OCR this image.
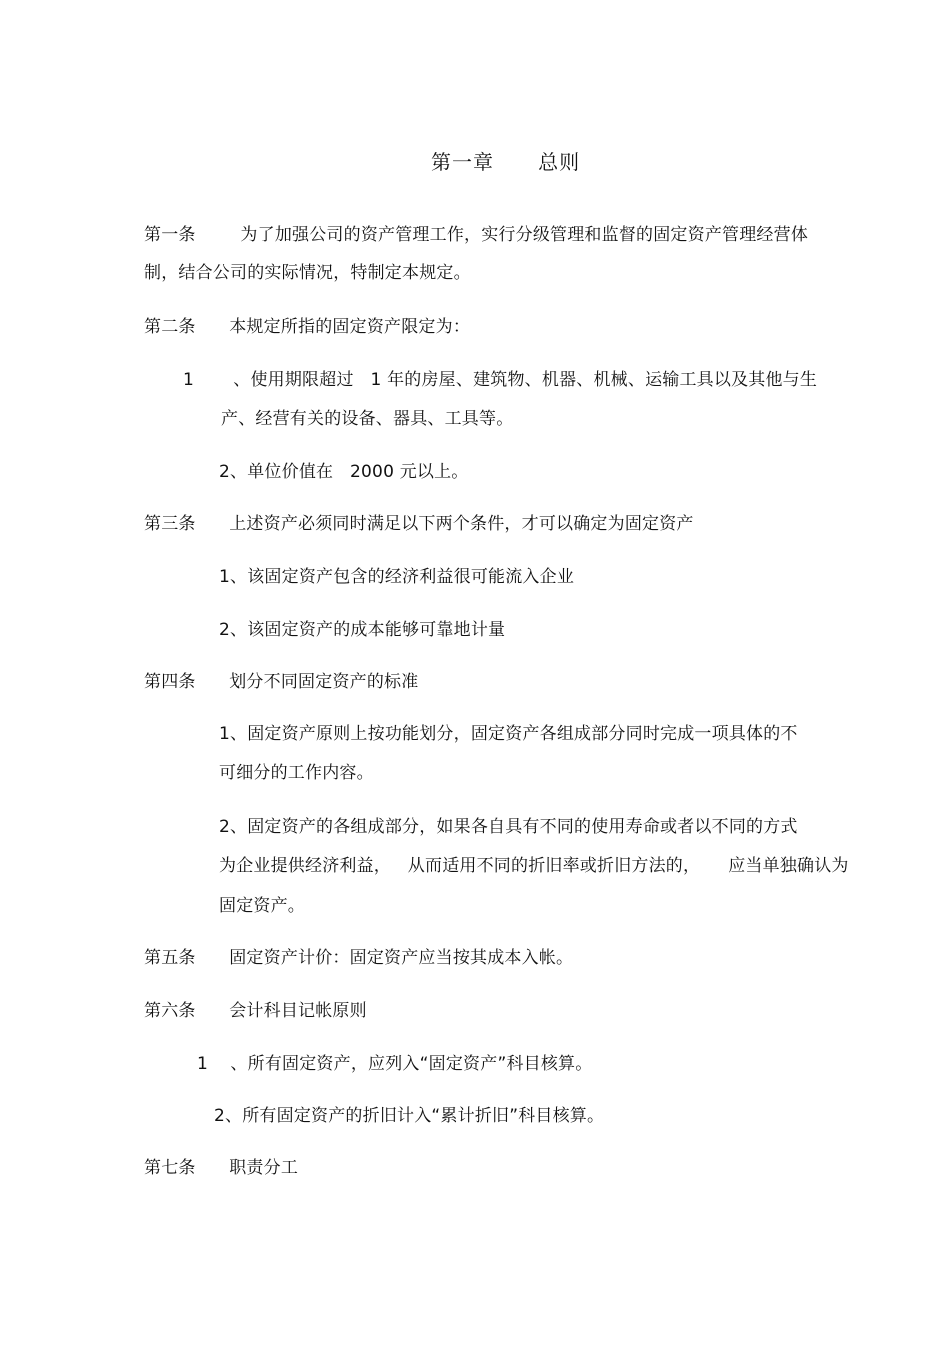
第一章      总则
第一条        为了加强公司的资产管理工作，实行分级管理和监督的固定资产管理经营体
制，结合公司的实际情况，特制定本规定。
第二条      本规定所指的固定资产限定为：
1       、使用期限超过   1 年的房屋、建筑物、机器、机械、运输工具以及其他与生
产、经营有关的设备、器具、工具等。
2、单位价值在   2000 元以上。
第三条      上述资产必须同时满足以下两个条件，才可以确定为固定资产
1、该固定资产包含的经济利益很可能流入企业
2、该固定资产的成本能够可靠地计量
第四条      划分不同固定资产的标准
1、固定资产原则上按功能划分，固定资产各组成部分同时完成一项具体的不
可细分的工作内容。
2、固定资产的各组成部分，如果各自具有不同的使用寿命或者以不同的方式
为企业提供经济利益，   从而适用不同的折旧率或折旧方法的，     应当单独确认为
固定资产。
第五条      固定资产计价：固定资产应当按其成本入帐。
第六条      会计科目记帐原则
1    、所有固定资产，应列入“固定资产”科目核算。
2、所有固定资产的折旧计入“累计折旧”科目核算。
第七条      职责分工
